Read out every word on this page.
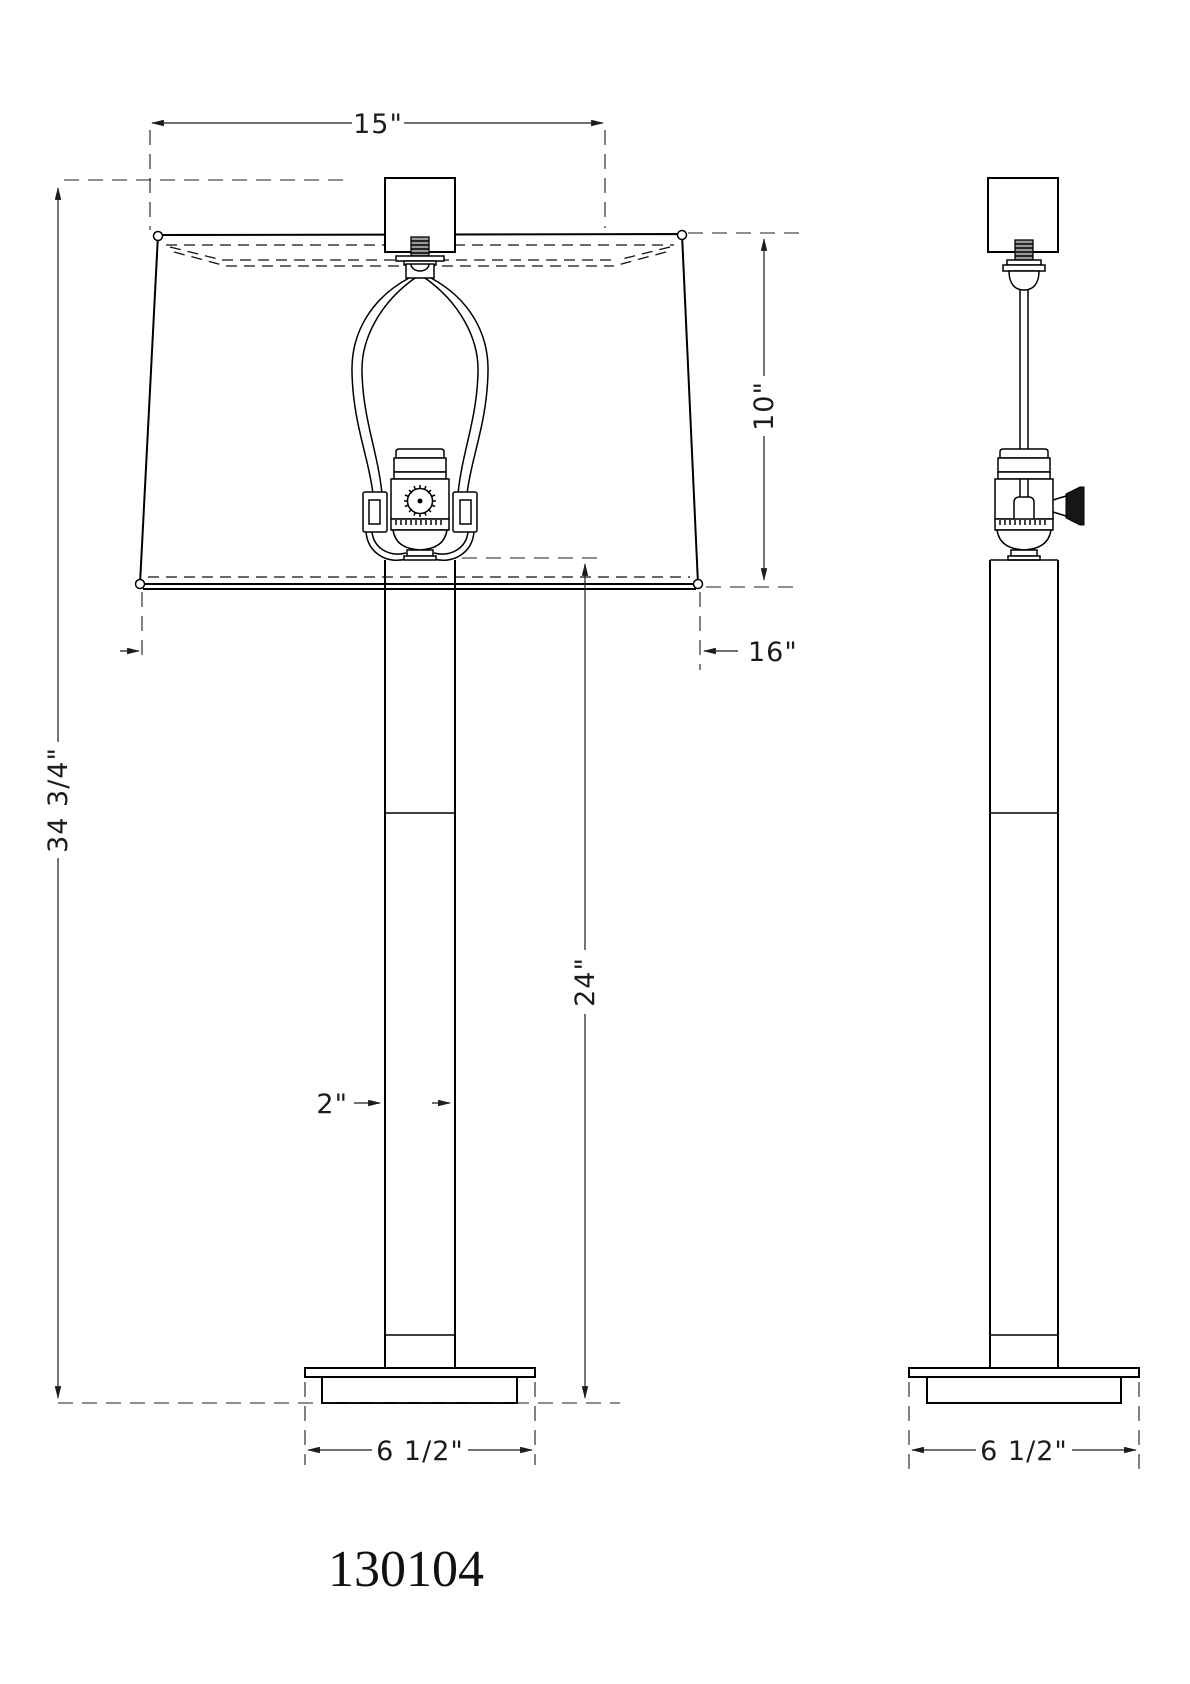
15"
34 3/4"
24"
10"
16"
2"
6 1/2"	6 1/2"
130104
